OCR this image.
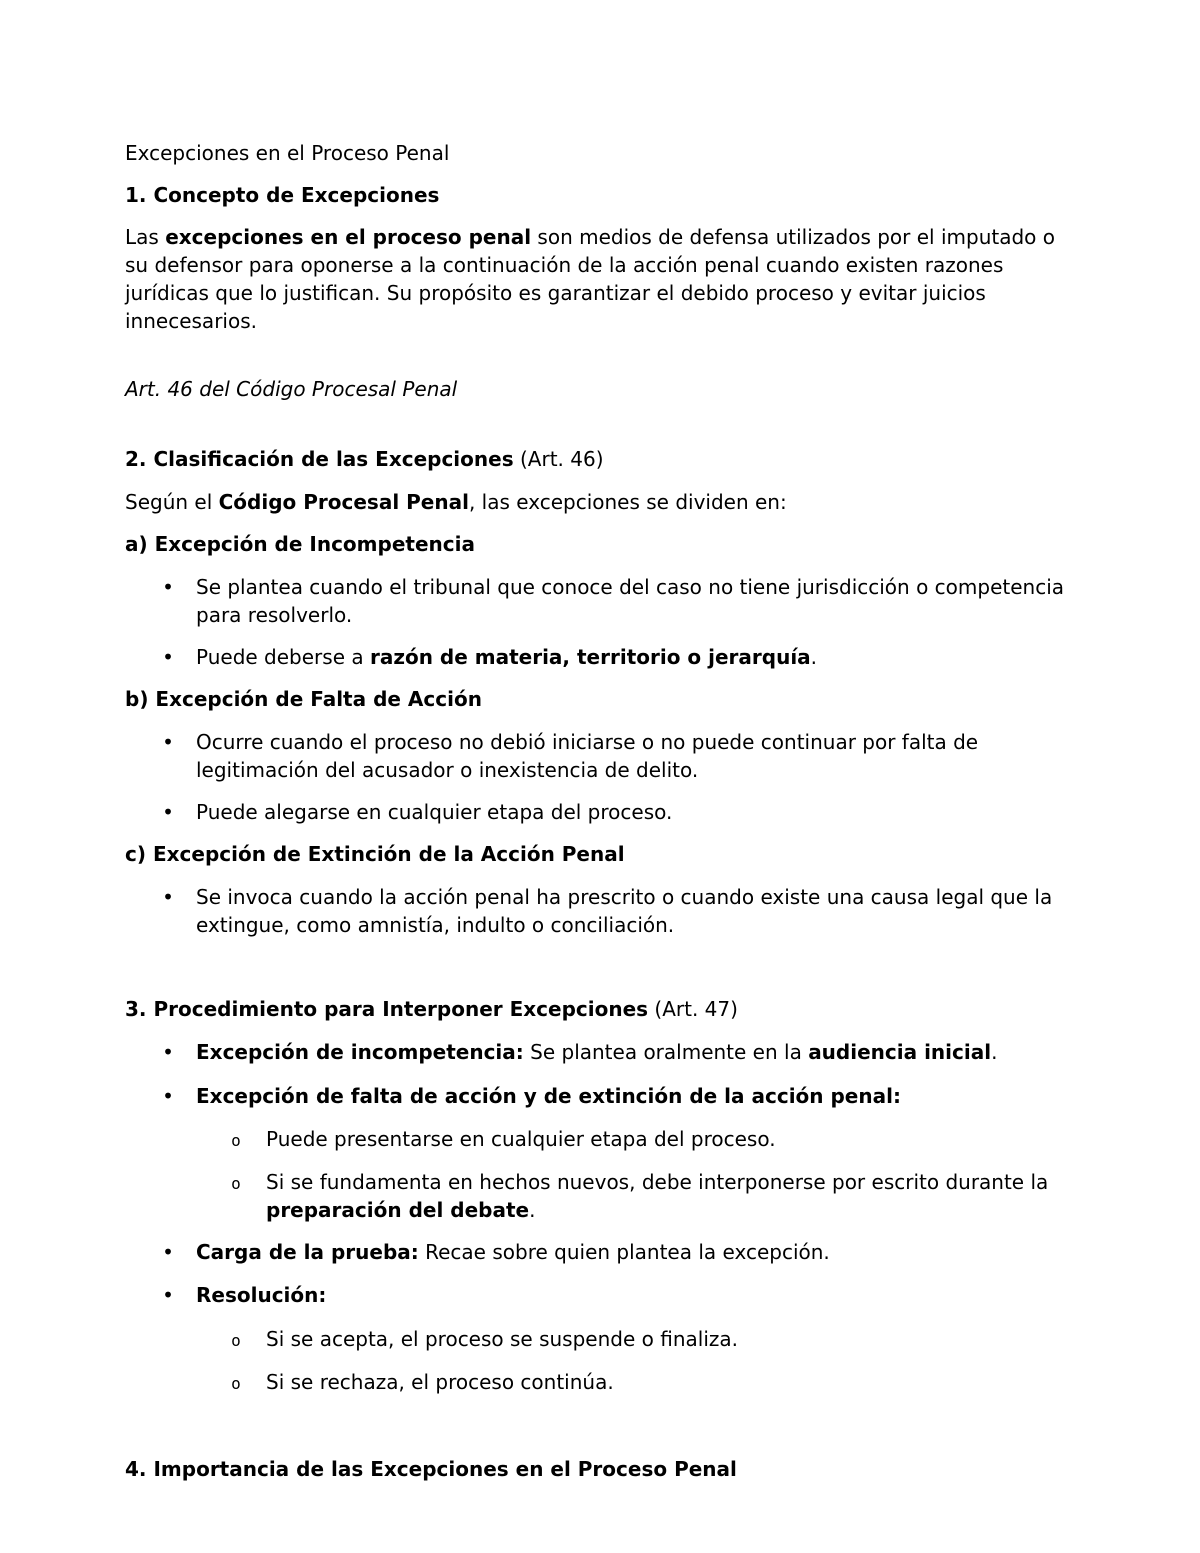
Excepciones en el Proceso Penal

1. Concepto de Excepciones

Las excepciones en el proceso penal son medios de defensa utilizados por el imputado o su defensor para oponerse a la continuación de la acción penal cuando existen razones jurídicas que lo justifican. Su propósito es garantizar el debido proceso y evitar juicios innecesarios.

Art. 46 del Código Procesal Penal

2. Clasificación de las Excepciones (Art. 46)

Según el Código Procesal Penal, las excepciones se dividen en:

a) Excepción de Incompetencia

• Se plantea cuando el tribunal que conoce del caso no tiene jurisdicción o competencia para resolverlo.

• Puede deberse a razón de materia, territorio o jerarquía.

b) Excepción de Falta de Acción

• Ocurre cuando el proceso no debió iniciarse o no puede continuar por falta de legitimación del acusador o inexistencia de delito.

• Puede alegarse en cualquier etapa del proceso.

c) Excepción de Extinción de la Acción Penal

• Se invoca cuando la acción penal ha prescrito o cuando existe una causa legal que la extingue, como amnistía, indulto o conciliación.

3. Procedimiento para Interponer Excepciones (Art. 47)

• Excepción de incompetencia: Se plantea oralmente en la audiencia inicial.

• Excepción de falta de acción y de extinción de la acción penal:

o Puede presentarse en cualquier etapa del proceso.

o Si se fundamenta en hechos nuevos, debe interponerse por escrito durante la preparación del debate.

• Carga de la prueba: Recae sobre quien plantea la excepción.

• Resolución:

o Si se acepta, el proceso se suspende o finaliza.

o Si se rechaza, el proceso continúa.

4. Importancia de las Excepciones en el Proceso Penal
